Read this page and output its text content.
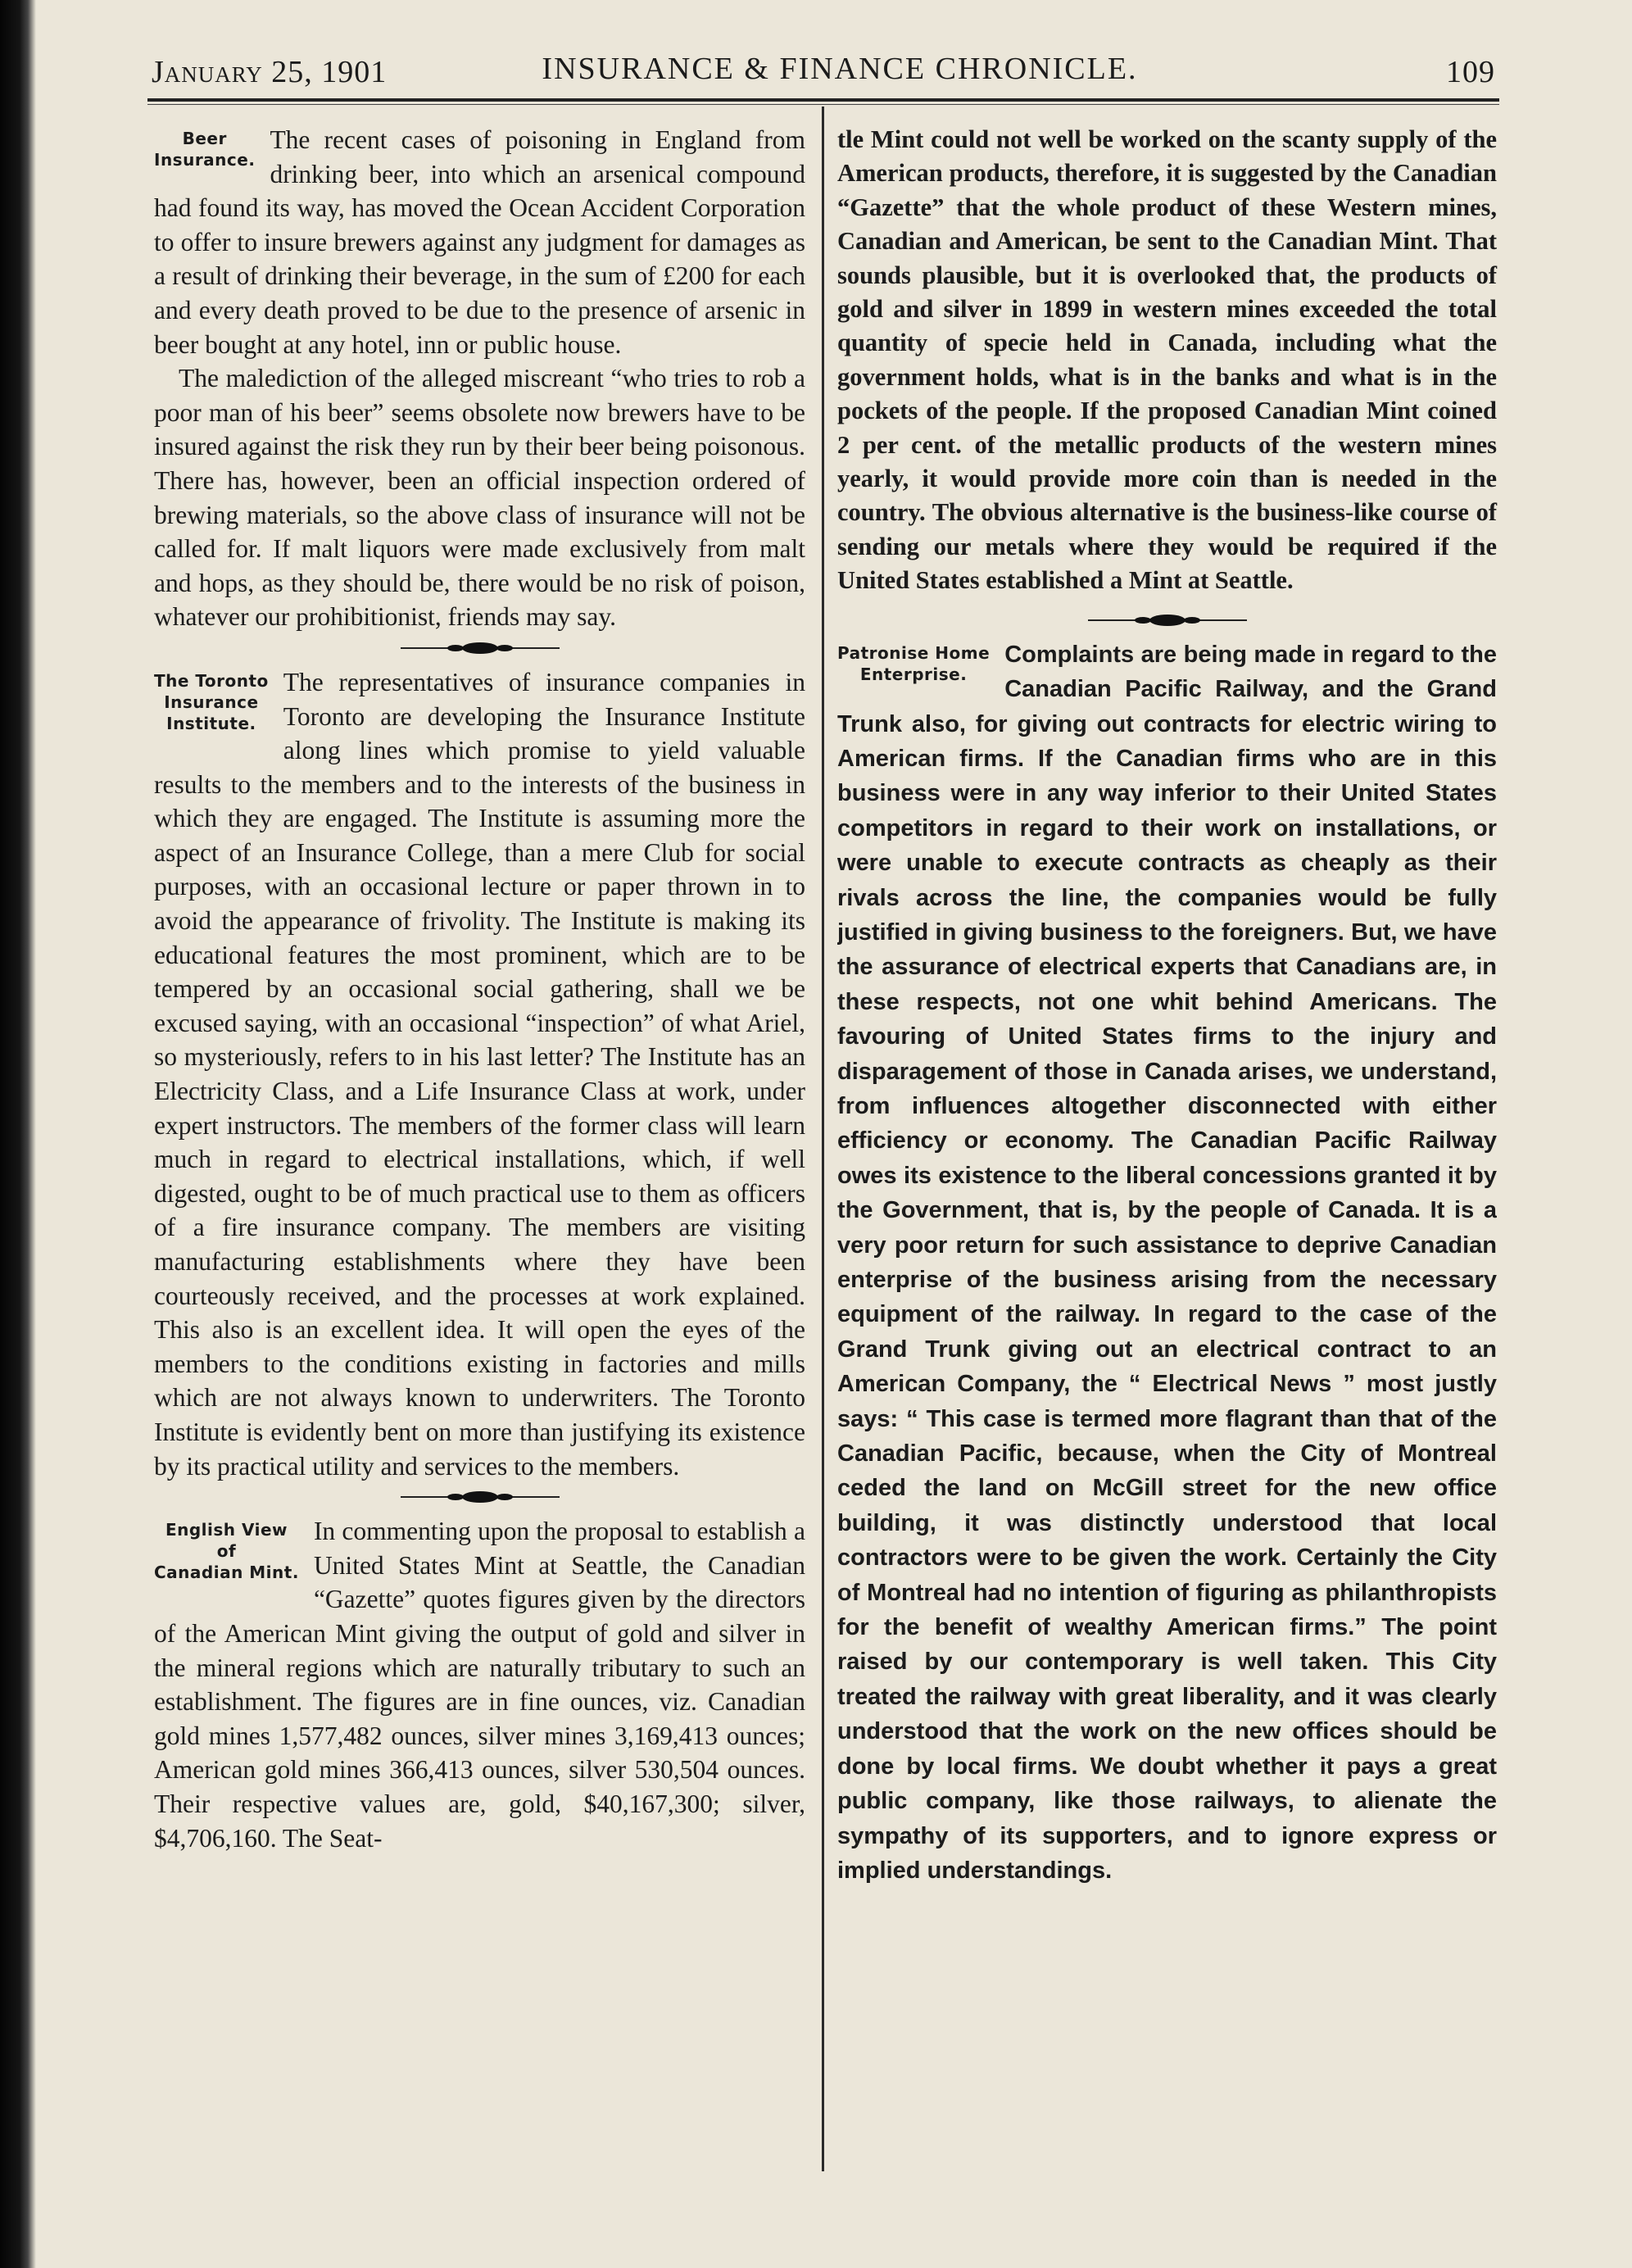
January 25, 1901	INSURANCE & FINANCE CHRONICLE.	109
Beer
Insurance.

The recent cases of poisoning in England from drinking beer, into which an arsenical compound had found its way, has moved the Ocean Accident Corporation to offer to insure brewers against any judgment for damages as a result of drinking their beverage, in the sum of £200 for each and every death proved to be due to the presence of arsenic in beer bought at any hotel, inn or public house.

The malediction of the alleged miscreant “who tries to rob a poor man of his beer” seems obsolete now brewers have to be insured against the risk they run by their beer being poisonous. There has, however, been an official inspection ordered of brewing materials, so the above class of insurance will not be called for. If malt liquors were made exclusively from malt and hops, as they should be, there would be no risk of poison, whatever our prohibitionist, friends may say.

The Toronto
Insurance
Institute.

The representatives of insurance companies in Toronto are developing the Insurance Institute along lines which promise to yield valuable results to the members and to the interests of the business in which they are engaged. The Institute is assuming more the aspect of an Insurance College, than a mere Club for social purposes, with an occasional lecture or paper thrown in to avoid the appearance of frivolity. The Institute is making its educational features the most prominent, which are to be tempered by an occasional social gathering, shall we be excused saying, with an occasional “inspection” of what Ariel, so mysteriously, refers to in his last letter? The Institute has an Electricity Class, and a Life Insurance Class at work, under expert instructors. The members of the former class will learn much in regard to electrical installations, which, if well digested, ought to be of much practical use to them as officers of a fire insurance company. The members are visiting manufacturing establishments where they have been courteously received, and the processes at work explained. This also is an excellent idea. It will open the eyes of the members to the conditions existing in factories and mills which are not always known to underwriters. The Toronto Institute is evidently bent on more than justifying its existence by its practical utility and services to the members.

English View
of
Canadian Mint.

In commenting upon the proposal to establish a United States Mint at Seattle, the Canadian “Gazette” quotes figures given by the directors of the American Mint giving the output of gold and silver in the mineral regions which are naturally tributary to such an establishment. The figures are in fine ounces, viz. Canadian gold mines 1,577,482 ounces, silver mines 3,169,413 ounces; American gold mines 366,413 ounces, silver 530,504 ounces. Their respective values are, gold, $40,167,300; silver, $4,706,160. The Seat-

tle Mint could not well be worked on the scanty supply of the American products, therefore, it is suggested by the Canadian “Gazette” that the whole product of these Western mines, Canadian and American, be sent to the Canadian Mint. That sounds plausible, but it is overlooked that, the products of gold and silver in 1899 in western mines exceeded the total quantity of specie held in Canada, including what the government holds, what is in the banks and what is in the pockets of the people. If the proposed Canadian Mint coined 2 per cent. of the metallic products of the western mines yearly, it would provide more coin than is needed in the country. The obvious alternative is the business-like course of sending our metals where they would be required if the United States established a Mint at Seattle.

Patronise Home
Enterprise.

Complaints are being made in regard to the Canadian Pacific Railway, and the Grand Trunk also, for giving out contracts for electric wiring to American firms. If the Canadian firms who are in this business were in any way inferior to their United States competitors in regard to their work on installations, or were unable to execute contracts as cheaply as their rivals across the line, the companies would be fully justified in giving business to the foreigners. But, we have the assurance of electrical experts that Canadians are, in these respects, not one whit behind Americans. The favouring of United States firms to the injury and disparagement of those in Canada arises, we understand, from influences altogether disconnected with either efficiency or economy. The Canadian Pacific Railway owes its existence to the liberal concessions granted it by the Government, that is, by the people of Canada. It is a very poor return for such assistance to deprive Canadian enterprise of the business arising from the necessary equipment of the railway. In regard to the case of the Grand Trunk giving out an electrical contract to an American Company, the “ Electrical News ” most justly says: “ This case is termed more flagrant than that of the Canadian Pacific, because, when the City of Montreal ceded the land on McGill street for the new office building, it was distinctly understood that local contractors were to be given the work. Certainly the City of Montreal had no intention of figuring as philanthropists for the benefit of wealthy American firms.” The point raised by our contemporary is well taken. This City treated the railway with great liberality, and it was clearly understood that the work on the new offices should be done by local firms. We doubt whether it pays a great public company, like those railways, to alienate the sympathy of its supporters, and to ignore express or implied understandings.
